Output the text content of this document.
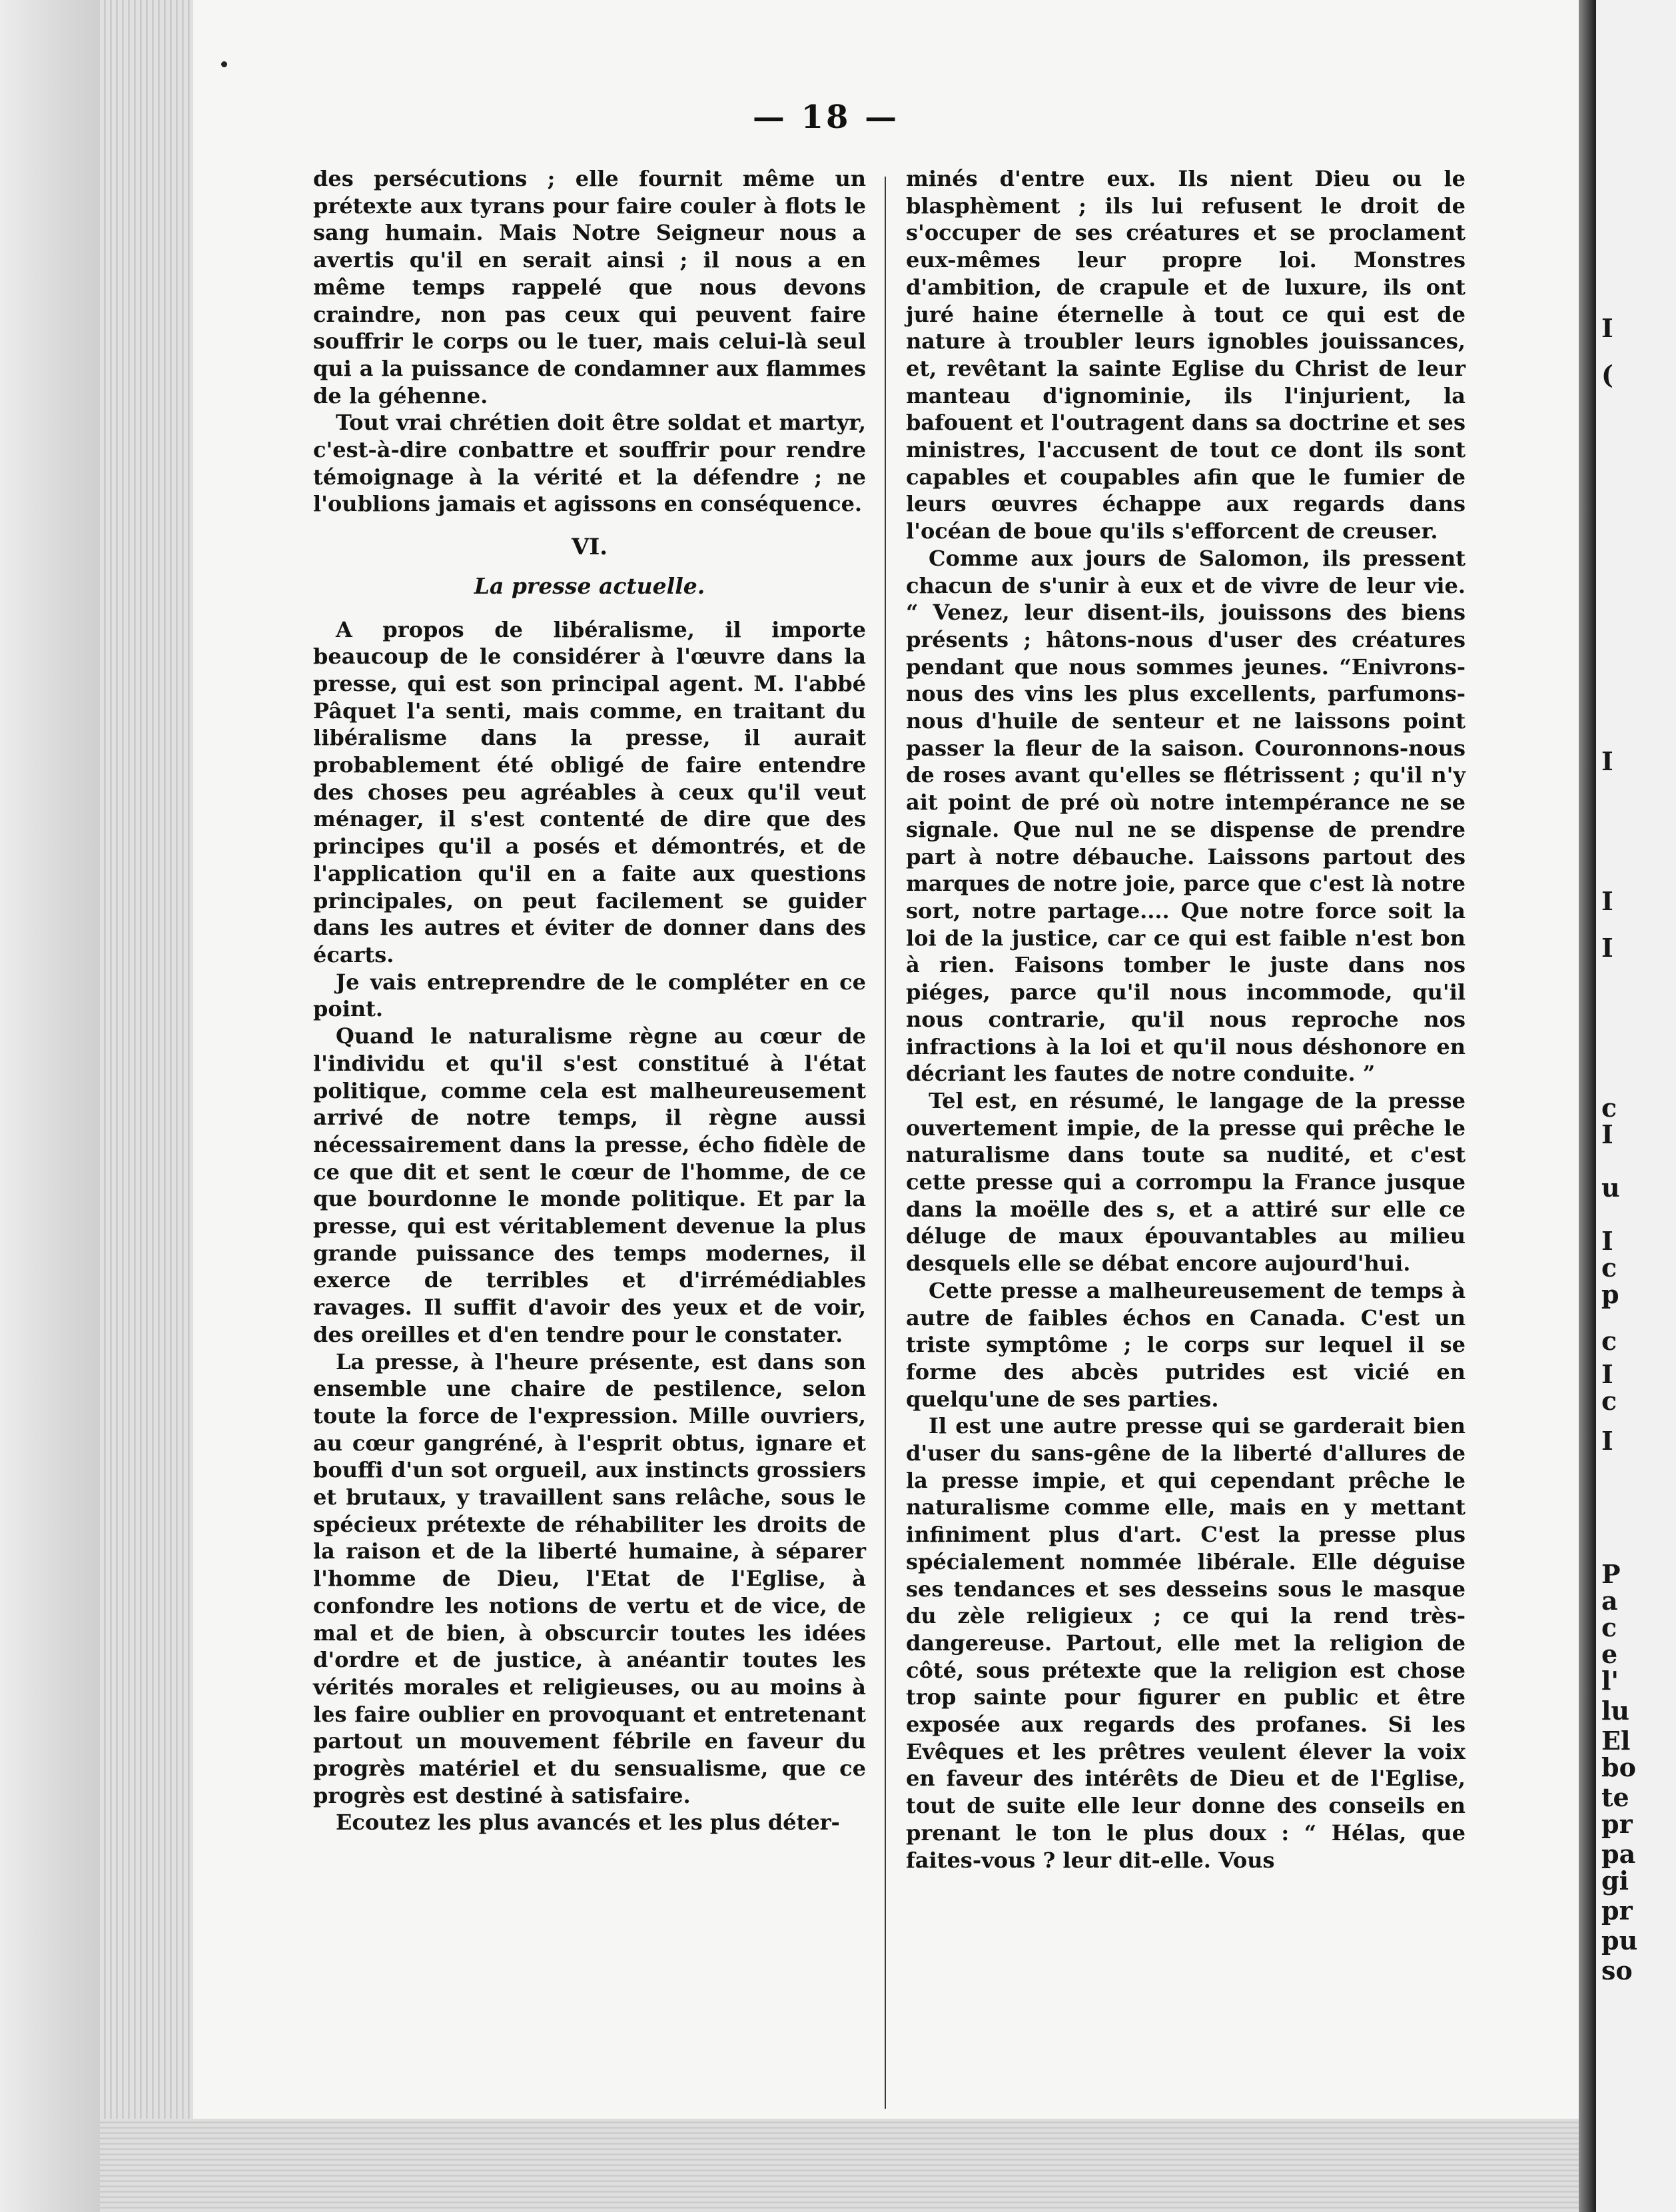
— 18 —

des persécutions ; elle fournit même un prétexte aux tyrans pour faire couler à flots le sang humain. Mais Notre Seigneur nous a avertis qu'il en serait ainsi ; il nous a en même temps rappelé que nous devons craindre, non pas ceux qui peuvent faire souffrir le corps ou le tuer, mais celui-là seul qui a la puissance de condamner aux flammes de la géhenne.

Tout vrai chrétien doit être soldat et martyr, c'est-à-dire conbattre et souffrir pour rendre témoignage à la vérité et la défendre ; ne l'oublions jamais et agissons en conséquence.

VI.
La presse actuelle.

A propos de libéralisme, il importe beaucoup de le considérer à l'œuvre dans la presse, qui est son principal agent. M. l'abbé Pâquet l'a senti, mais comme, en traitant du libéralisme dans la presse, il aurait probablement été obligé de faire entendre des choses peu agréables à ceux qu'il veut ménager, il s'est contenté de dire que des principes qu'il a posés et démontrés, et de l'application qu'il en a faite aux questions principales, on peut facilement se guider dans les autres et éviter de donner dans des écarts.

Je vais entreprendre de le compléter en ce point.

Quand le naturalisme règne au cœur de l'individu et qu'il s'est constitué à l'état politique, comme cela est malheureusement arrivé de notre temps, il règne aussi nécessairement dans la presse, écho fidèle de ce que dit et sent le cœur de l'homme, de ce que bourdonne le monde politique. Et par la presse, qui est véritablement devenue la plus grande puissance des temps modernes, il exerce de terribles et d'irrémédiables ravages. Il suffit d'avoir des yeux et de voir, des oreilles et d'en tendre pour le constater.

La presse, à l'heure présente, est dans son ensemble une chaire de pestilence, selon toute la force de l'expression. Mille ouvriers, au cœur gangréné, à l'esprit obtus, ignare et bouffi d'un sot orgueil, aux instincts grossiers et brutaux, y travaillent sans relâche, sous le spécieux prétexte de réhabiliter les droits de la raison et de la liberté humaine, à séparer l'homme de Dieu, l'Etat de l'Eglise, à confondre les notions de vertu et de vice, de mal et de bien, à obscurcir toutes les idées d'ordre et de justice, à anéantir toutes les vérités morales et religieuses, ou au moins à les faire oublier en provoquant et entretenant partout un mouvement fébrile en faveur du progrès matériel et du sensualisme, que ce progrès est destiné à satisfaire.

Ecoutez les plus avancés et les plus déter-

minés d'entre eux. Ils nient Dieu ou le blasphèment ; ils lui refusent le droit de s'occuper de ses créatures et se proclament eux-mêmes leur propre loi. Monstres d'ambition, de crapule et de luxure, ils ont juré haine éternelle à tout ce qui est de nature à troubler leurs ignobles jouissances, et, revêtant la sainte Eglise du Christ de leur manteau d'ignominie, ils l'injurient, la bafouent et l'outragent dans sa doctrine et ses ministres, l'accusent de tout ce dont ils sont capables et coupables afin que le fumier de leurs œuvres échappe aux regards dans l'océan de boue qu'ils s'efforcent de creuser.

Comme aux jours de Salomon, ils pressent chacun de s'unir à eux et de vivre de leur vie. “ Venez, leur disent-ils, jouissons des biens présents ; hâtons-nous d'user des créatures pendant que nous sommes jeunes. “Enivrons-nous des vins les plus excellents, parfumons-nous d'huile de senteur et ne laissons point passer la fleur de la saison. Couronnons-nous de roses avant qu'elles se flétrissent ; qu'il n'y ait point de pré où notre intempérance ne se signale. Que nul ne se dispense de prendre part à notre débauche. Laissons partout des marques de notre joie, parce que c'est là notre sort, notre partage.... Que notre force soit la loi de la justice, car ce qui est faible n'est bon à rien. Faisons tomber le juste dans nos piéges, parce qu'il nous incommode, qu'il nous contrarie, qu'il nous reproche nos infractions à la loi et qu'il nous déshonore en décriant les fautes de notre conduite. ”

Tel est, en résumé, le langage de la presse ouvertement impie, de la presse qui prêche le naturalisme dans toute sa nudité, et c'est cette presse qui a corrompu la France jusque dans la moëlle des s, et a attiré sur elle ce déluge de maux épouvantables au milieu desquels elle se débat encore aujourd'hui.

Cette presse a malheureusement de temps à autre de faibles échos en Canada. C'est un triste symptôme ; le corps sur lequel il se forme des abcès putrides est vicié en quelqu'une de ses parties.

Il est une autre presse qui se garderait bien d'user du sans-gêne de la liberté d'allures de la presse impie, et qui cependant prêche le naturalisme comme elle, mais en y mettant infiniment plus d'art. C'est la presse plus spécialement nommée libérale. Elle déguise ses tendances et ses desseins sous le masque du zèle religieux ; ce qui la rend très-dangereuse. Partout, elle met la religion de côté, sous prétexte que la religion est chose trop sainte pour figurer en public et être exposée aux regards des profanes. Si les Evêques et les prêtres veulent élever la voix en faveur des intérêts de Dieu et de l'Eglise, tout de suite elle leur donne des conseils en prenant le ton le plus doux : “ Hélas, que faites-vous ? leur dit-elle. Vous

I
(
I
I
I
c
I
u
I
c
p
c
I
c
I
P
a
c
e
l'
lu
El
bo
te
pr
pa
gi
pr
pu
so
